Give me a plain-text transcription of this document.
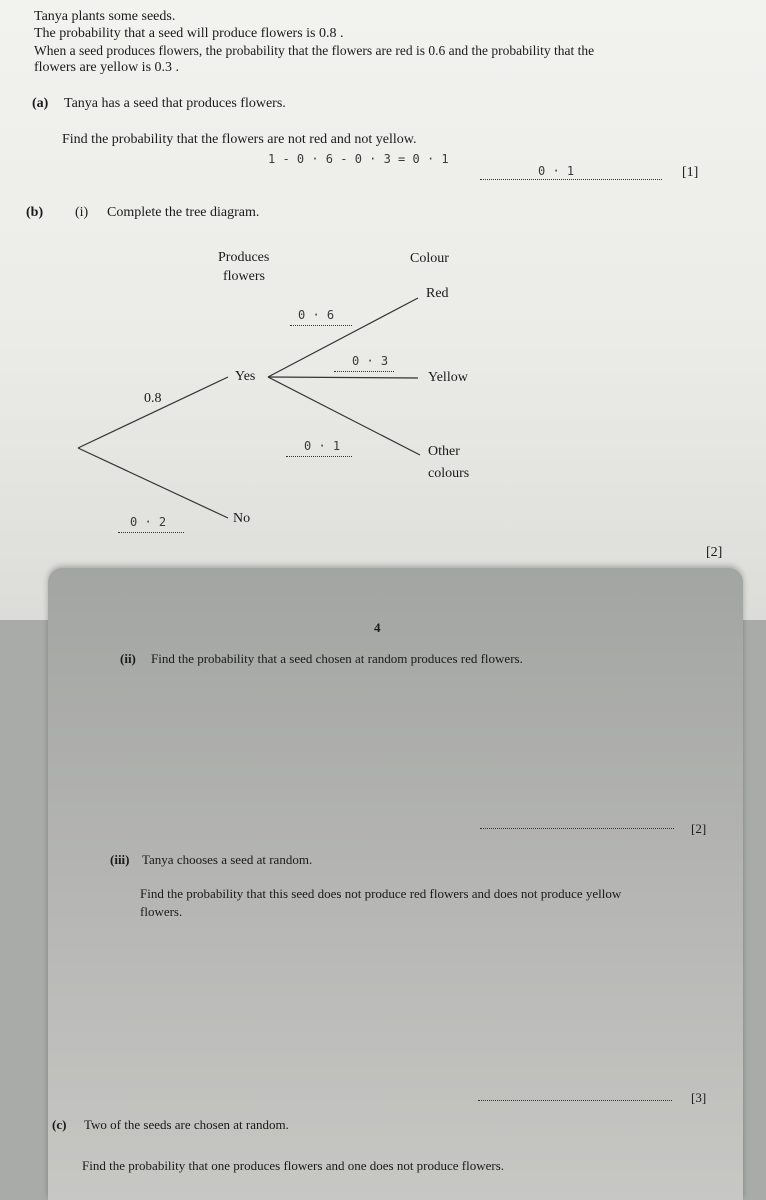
Tanya plants some seeds.
The probability that a seed will produce flowers is 0.8 .
When a seed produces flowers, the probability that the flowers are red is 0.6 and the probability that the
flowers are yellow is 0.3 .
(a) Tanya has a seed that produces flowers.
Find the probability that the flowers are not red and not yellow.
1 - 0 · 6 - 0 · 3 = 0 · 1
0 · 1	[1]
(b) (i) Complete the tree diagram.
Produces
flowers
Colour
Red
Yellow
Other
colours
Yes
No
0.8
0 · 6
0 · 3
0 · 1
0 · 2
[2]
4
(ii) Find the probability that a seed chosen at random produces red flowers.
[2]
(iii) Tanya chooses a seed at random.
Find the probability that this seed does not produce red flowers and does not produce yellow
flowers.
[3]
(c) Two of the seeds are chosen at random.
Find the probability that one produces flowers and one does not produce flowers.
